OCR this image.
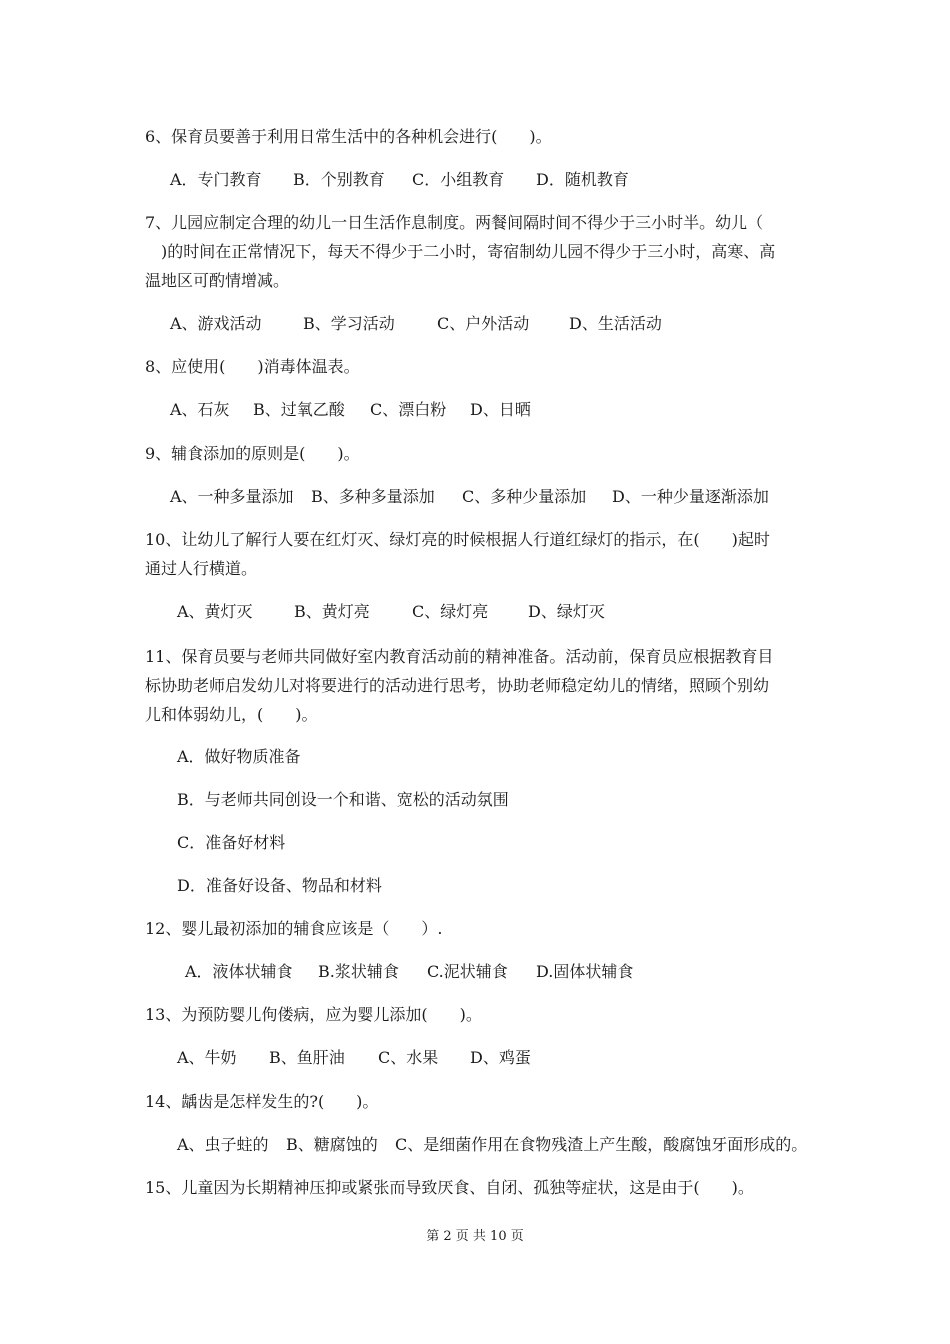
6、保育员要善于利用日常生活中的各种机会进行(　　)。
A．专门教育 B．个别教育 C．小组教育 D．随机教育
7、儿园应制定合理的幼儿一日生活作息制度。两餐间隔时间不得少于三小时半。幼儿（
　)的时间在正常情况下，每天不得少于二小时，寄宿制幼儿园不得少于三小时，高寒、高
温地区可酌情增减。
A、游戏活动	B、学习活动	C、户外活动 D、生活活动
8、应使用(　　)消毒体温表。
A、石灰 B、过氧乙酸 C、漂白粉 D、日晒
9、辅食添加的原则是(　　)。
A、一种多量添加 B、多种多量添加 C、多种少量添加 D、一种少量逐渐添加
10、让幼儿了解行人要在红灯灭、绿灯亮的时候根据人行道红绿灯的指示，在(　　)起时
通过人行横道。
A、黄灯灭	B、黄灯亮	C、绿灯亮 D、绿灯灭
11、保育员要与老师共同做好室内教育活动前的精神准备。活动前，保育员应根据教育目
标协助老师启发幼儿对将要进行的活动进行思考，协助老师稳定幼儿的情绪，照顾个别幼
儿和体弱幼儿，(　　)。
A．做好物质准备
B．与老师共同创设一个和谐、宽松的活动氛围
C．准备好材料
D．准备好设备、物品和材料
12、婴儿最初添加的辅食应该是（　　）.
A．液体状辅食 B.浆状辅食 C.泥状辅食 D.固体状辅食
13、为预防婴儿佝偻病，应为婴儿添加(　　)。
A、牛奶 B、鱼肝油 C、水果 D、鸡蛋
14、龋齿是怎样发生的?(　　)。
A、虫子蛀的 B、糖腐蚀的 C、是细菌作用在食物残渣上产生酸，酸腐蚀牙面形成的。
15、儿童因为长期精神压抑或紧张而导致厌食、自闭、孤独等症状，这是由于(　　)。
第 2 页 共 10 页
